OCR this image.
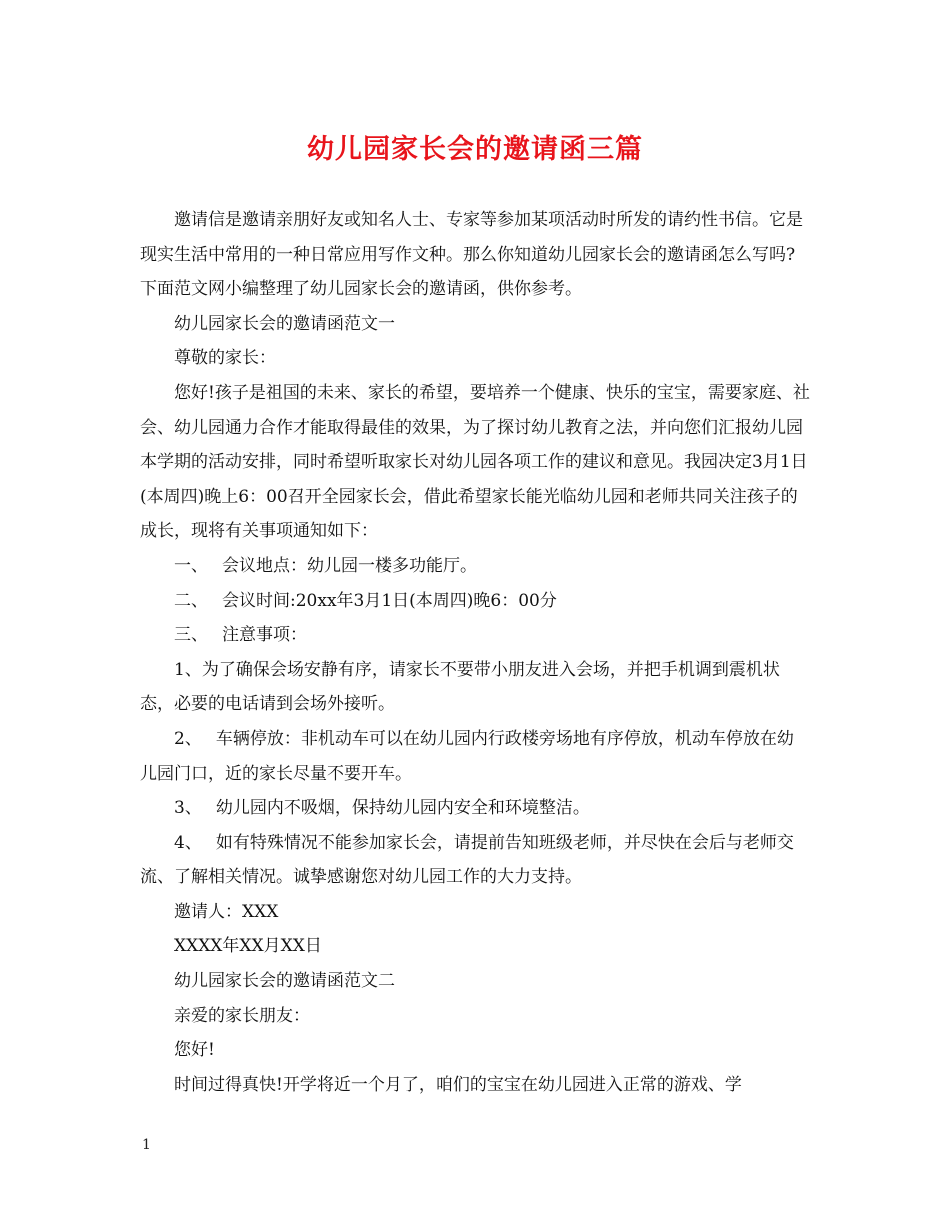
幼儿园家长会的邀请函三篇

邀请信是邀请亲朋好友或知名人士、专家等参加某项活动时所发的请约性书信。它是现实生活中常用的一种日常应用写作文种。那么你知道幼儿园家长会的邀请函怎么写吗?下面范文网小编整理了幼儿园家长会的邀请函，供你参考。

幼儿园家长会的邀请函范文一

尊敬的家长：

您好!孩子是祖国的未来、家长的希望，要培养一个健康、快乐的宝宝，需要家庭、社会、幼儿园通力合作才能取得最佳的效果，为了探讨幼儿教育之法，并向您们汇报幼儿园本学期的活动安排，同时希望听取家长对幼儿园各项工作的建议和意见。我园决定3月1日(本周四)晚上6：00召开全园家长会，借此希望家长能光临幼儿园和老师共同关注孩子的成长，现将有关事项通知如下：

一、 会议地点：幼儿园一楼多功能厅。

二、 会议时间:20xx年3月1日(本周四)晚6：00分

三、 注意事项：

1、为了确保会场安静有序，请家长不要带小朋友进入会场，并把手机调到震机状态，必要的电话请到会场外接听。

2、 车辆停放：非机动车可以在幼儿园内行政楼旁场地有序停放，机动车停放在幼儿园门口，近的家长尽量不要开车。

3、 幼儿园内不吸烟，保持幼儿园内安全和环境整洁。

4、 如有特殊情况不能参加家长会，请提前告知班级老师，并尽快在会后与老师交流、了解相关情况。诚挚感谢您对幼儿园工作的大力支持。

邀请人：XXX

XXXX年XX月XX日

幼儿园家长会的邀请函范文二

亲爱的家长朋友：

您好!

时间过得真快!开学将近一个月了，咱们的宝宝在幼儿园进入正常的游戏、学

1
